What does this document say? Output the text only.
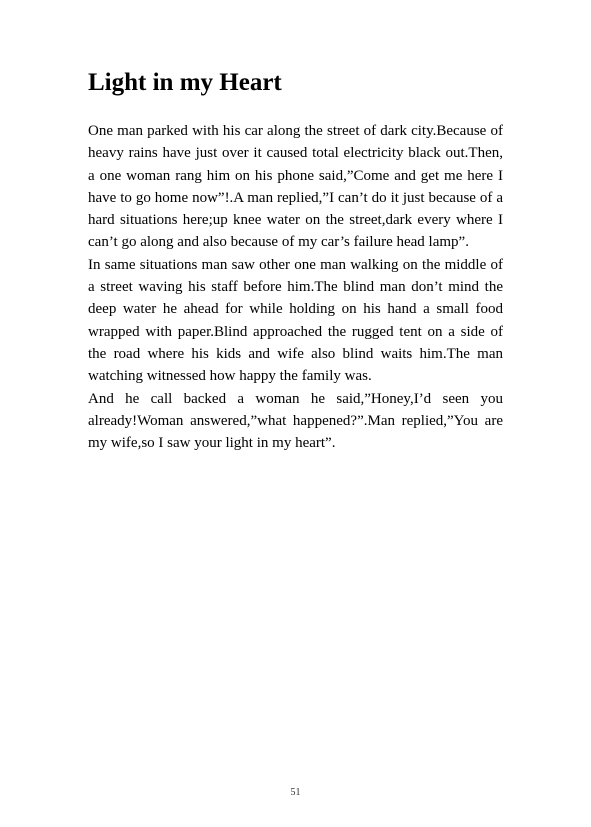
Light in my Heart

One man parked with his car along the street of dark city.Because of heavy rains have just over it caused total electricity black out.Then, a one woman rang him on his phone said,”Come and get me here I have to go home now”!.A man replied,”I can’t do it just because of a hard situations here;up knee water on the street,dark every where I can’t go along and also because of my car’s failure head lamp”.

In same situations man saw other one man walking on the middle of a street waving his staff before him.The blind man don’t mind the deep water he ahead for while holding on his hand a small food wrapped with paper.Blind approached the rugged tent on a side of the road where his kids and wife also blind waits him.The man watching witnessed how happy the family was.

And he call backed a woman he said,”Honey,I’d seen you already!Woman answered,”what happened?”.Man replied,”You are my wife,so I saw your light in my heart”.

51
